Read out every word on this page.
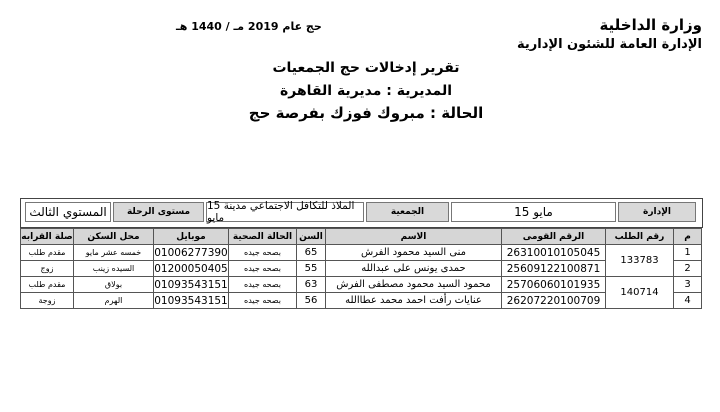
وزارة الداخلية
الإدارة العامة للشئون الإدارية
حج عام 2019 مـ / 1440 هـ
تقرير إدخالات حج الجمعيات
المديرية : مديرية القاهرة
الحالة : مبروك فوزك بفرصة حج
الإدارة
15 مايو
الجمعية
الملاذ للتكافل الاجتماعي مدينة 15 مايو
مستوى الرحلة
المستوي الثالث
م	رقم الطلب	الرقم القومى	الاسم	السن	الحالة الصحية	موبايل	محل السكن	صلة القرابه
1	133783	26310010105045	منى السيد محمود الفرش	65	بصحه جيده	01006277390	خمسه عشر مايو	مقدم طلب
2		25609122100871	حمدى يونس على عبدالله	55	بصحه جيده	01200050405	السيده زينب	زوج
3	140714	25706060101935	محمود السيد محمود مصطفى الفرش	63	بصحه جيده	01093543151	بولاق	مقدم طلب
4		26207220100709	عنايات رأفت احمد محمد عطاالله	56	بصحه جيده	01093543151	الهرم	زوجة
